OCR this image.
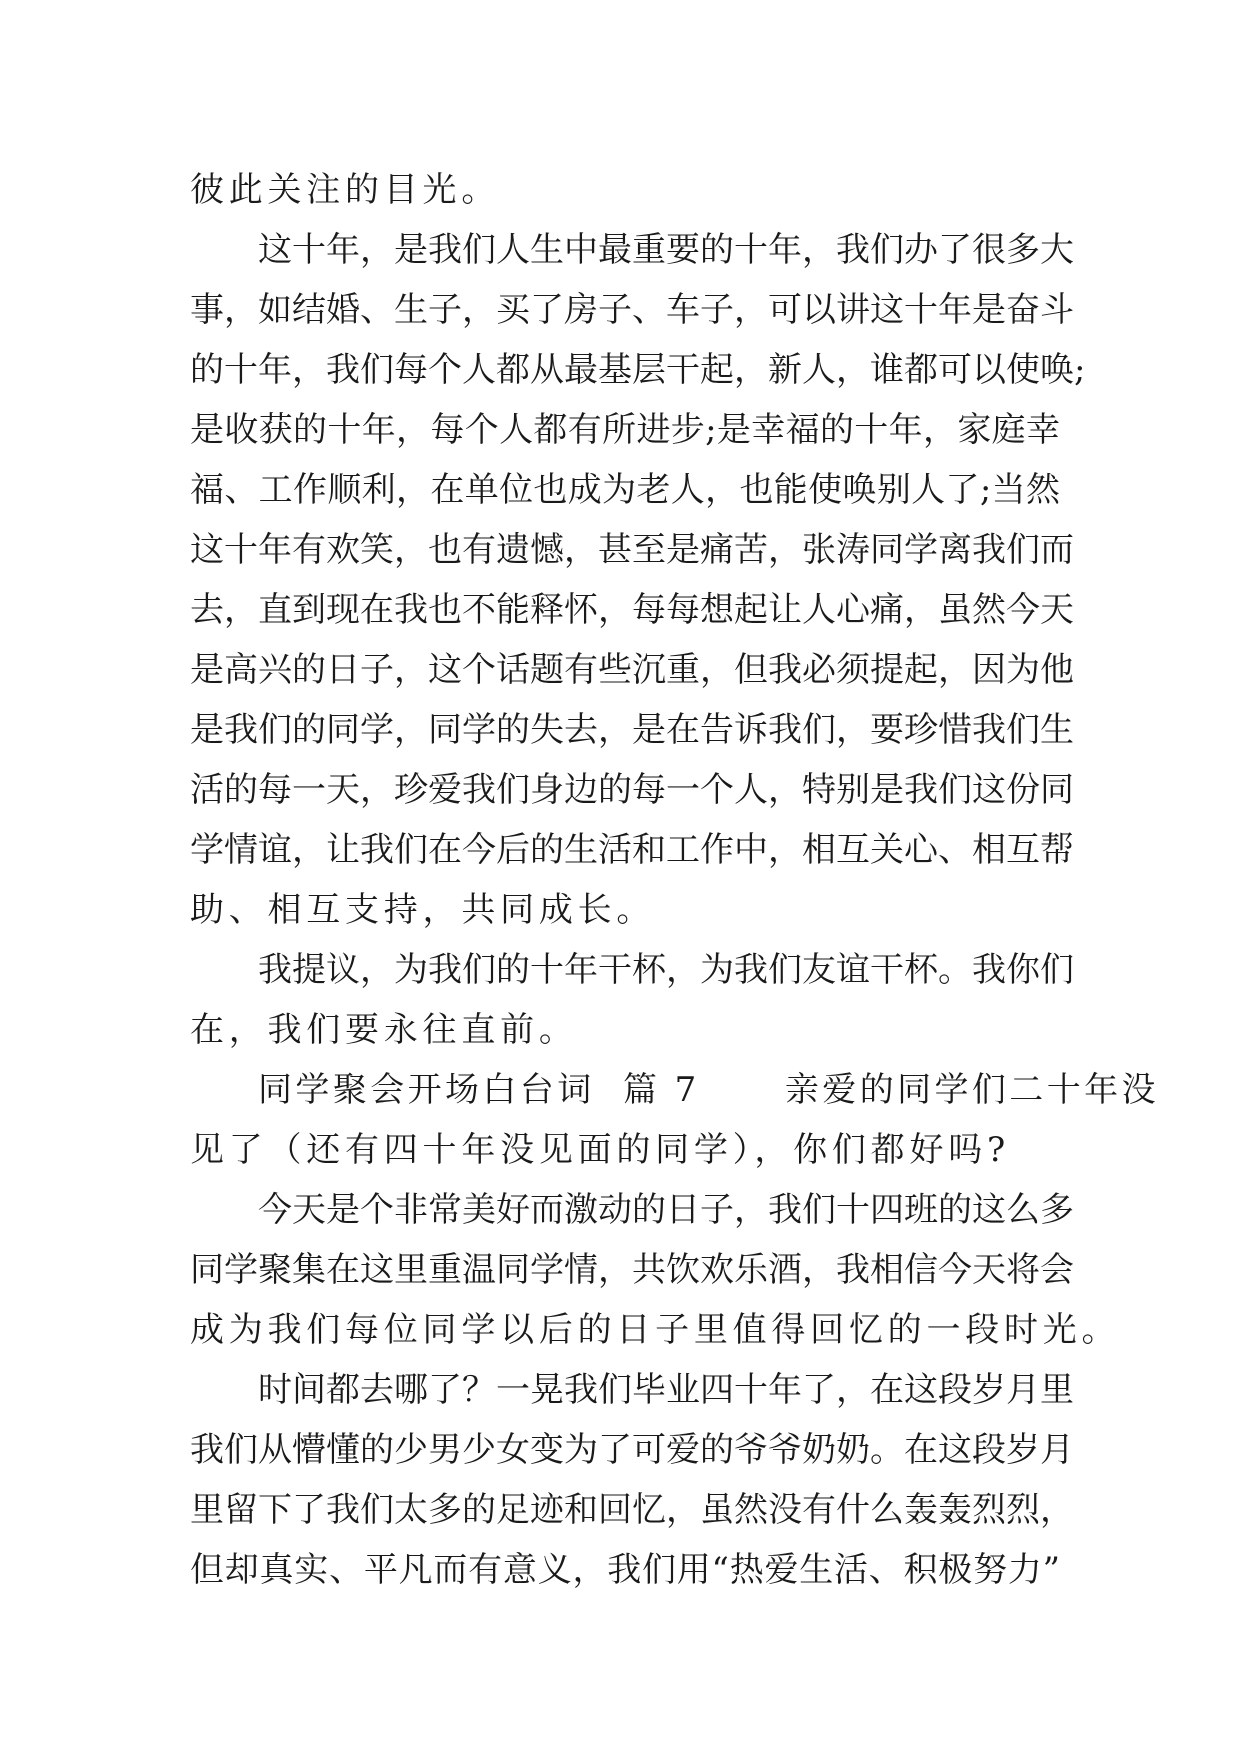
彼此关注的目光。
这十年，是我们人生中最重要的十年，我们办了很多大
事，如结婚、生子，买了房子、车子，可以讲这十年是奋斗
的十年，我们每个人都从最基层干起，新人，谁都可以使唤;
是收获的十年，每个人都有所进步;是幸福的十年，家庭幸
福、工作顺利，在单位也成为老人，也能使唤别人了;当然
这十年有欢笑，也有遗憾，甚至是痛苦，张涛同学离我们而
去，直到现在我也不能释怀，每每想起让人心痛，虽然今天
是高兴的日子，这个话题有些沉重，但我必须提起，因为他
是我们的同学，同学的失去，是在告诉我们，要珍惜我们生
活的每一天，珍爱我们身边的每一个人，特别是我们这份同
学情谊，让我们在今后的生活和工作中，相互关心、相互帮
助、相互支持，共同成长。
我提议，为我们的十年干杯，为我们友谊干杯。我你们
在，我们要永往直前。
同学聚会开场白台词  篇 7      亲爱的同学们二十年没
见了（还有四十年没见面的同学），你们都好吗?
今天是个非常美好而激动的日子，我们十四班的这么多
同学聚集在这里重温同学情，共饮欢乐酒，我相信今天将会
成为我们每位同学以后的日子里值得回忆的一段时光。
时间都去哪了？一晃我们毕业四十年了，在这段岁月里
我们从懵懂的少男少女变为了可爱的爷爷奶奶。在这段岁月
里留下了我们太多的足迹和回忆，虽然没有什么轰轰烈烈，
但却真实、平凡而有意义，我们用“热爱生活、积极努力”
